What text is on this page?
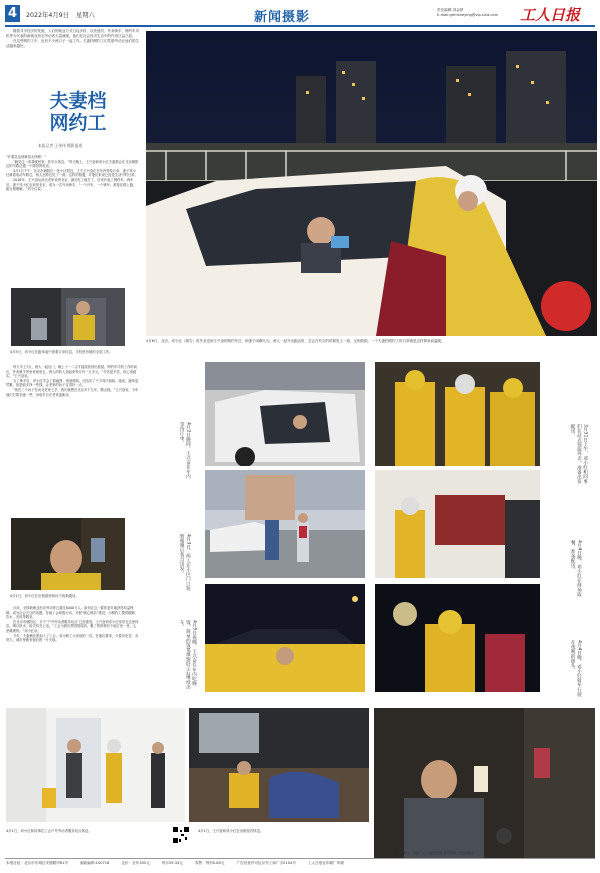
4	2022年4月9日 星期六	新闻摄影	责任编辑:刘金梦
E-mail:grlmsheying@vip.sina.com 工人日报

随着共享经济的发展，人们的就业方式日趋多样，以快递员、外卖骑手、网约车司机等为代表的新就业形态劳动者大量涌现，他们在社会经济生活中的作用日益凸显。

在这些网约工中，也有不少两口子一起工作。夫妻档网约工们凭借劳动让他们的生活越来越好。

夫妻档
网约工
本报记者 王伟伟 摄影报道

“开着急也别骑得太快啊！”

“跑完这一单我就回家，你早点休息。”每天晚上，王兴奋和邓小红夫妻都会在北京朝阳区的马路边通一个简短的电话。

4月1日下午，北京市朝阳区一处小区附近，丈夫王兴奋正在车内等待订单，妻子邓小红骑着电动车路过，两人在路边见了一面。这样的相遇，对他们来说已经是生活中的日常。

2018年，王兴奋从河北老家来到北京，最初在工地打工，后来开起了网约车。两年后，妻子邓小红也来到北京，成为一名外卖骑手。“一个开车，一个骑车，都是在路上跑，能互相理解。”邓小红说。

4月5日，邓小红在跑单途中查看订单信息，手机里有她的全部工作。

每天早上7点，两人一起出门，晚上十一二点才陆续回到出租屋。网约车司机工作时间长，外卖骑手风里来雨里去，两人的收入加起来每月有一万多元。“辛苦是辛苦，但心里踏实。”王兴奋说。

当了骑手后，邓小红学会了看地图、规划路线，还结识了不少同行姐妹。她说，跑单虽然累，但是能多挣一些钱，让老家的孩子过得好一点。

“现在三个孩子在河北老家上学，我们就想在北京多干几年，攒点钱。”王兴奋说，今年他们打算多跑一些，争取早日在老家盖新房。

4月1日，邓小红在出租屋里和孩子视频通话。

目前，全国新就业形态劳动者已超过8400万人。如何让这一群体更好地获得权益保障，成为社会关注的话题。各地工会积极行动，开展“暖心驿站”建设，为网约工提供歇脚、饮水、充电等服务。

在北京市朝阳区，多个“户外劳动者服务站点”已经建成，王兴奋和邓小红常常在这里休息，喝口热水，给手机充上电。“工会为我们想得很周到，累了的时候有个地方坐一坐，心里暖暖的。”邓小红说。

今年，夫妻俩还都加入了工会，成为职工大家庭的一员。在他们看来，只要肯吃苦、肯努力，城市里就有他们的一片天地。

4月6日，北京，邓小红（图右）将外卖送到王兴奋的网约车边，和妻子闲聊几句。两人一起外出跑活时，总会在有空的时候见上一面，互相鼓励。一个夫妻档网约工的日常就是这样简单而温暖。
4月2日晚间，王兴奋在车内等待订单。	3月31日上午，邓小红和同事们在站点领取外卖，准备出发配送。
4月3日，两人在小区门口短暂相聚后各自出发。	4月4日晚，邓小红在商场取餐，准备配送。
4月5日夜晚，王兴奋在车内吃晚饭，简单的饭菜填饱肚子后继续出车。
4月4日晚，邓小红骑车行驶在夜晚的街头。
4月1日，邓小红和同事在工会户外劳动者服务站点休息。	4月1日，王兴奋和邓小红在出租屋内休息。
4月6日，夫妻二人与远在河北老家的孩子视频通话。
本报社址：北京市东城区安德路甲61号	邮政编码:100718	定价：全年352元	每月29.33元	零售：每份0.80元	广告经营许可证京东工商广字0104号	工人日报社印刷厂印刷
